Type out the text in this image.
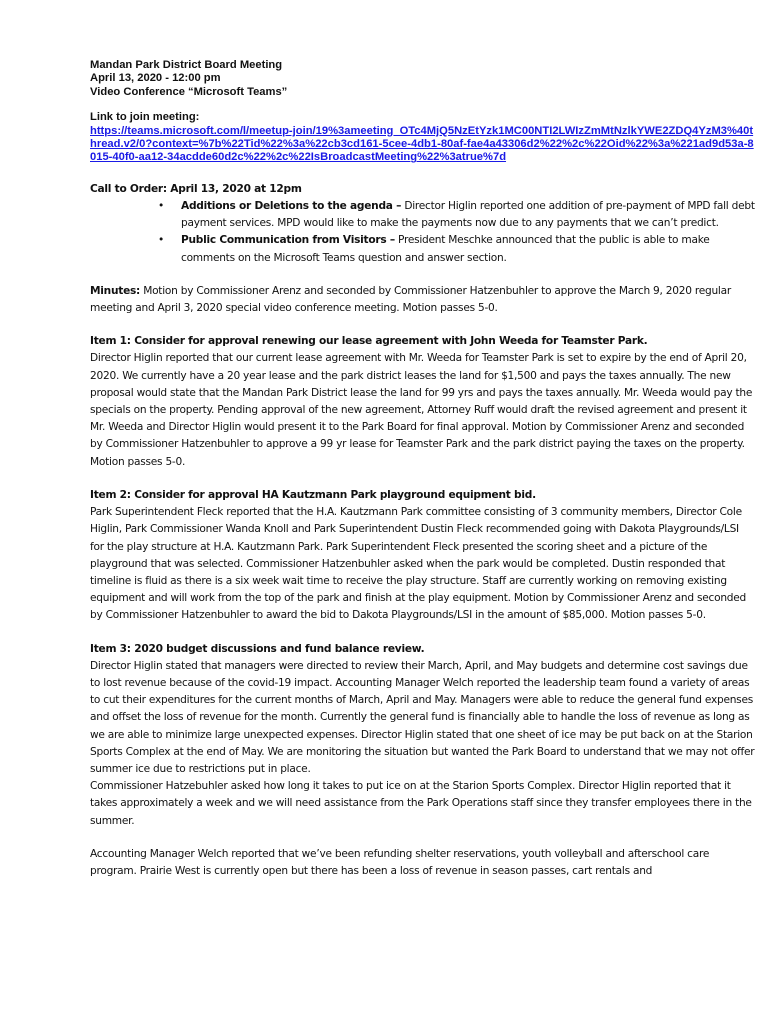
Mandan Park District Board Meeting
April 13, 2020 - 12:00 pm
Video Conference “Microsoft Teams”
Link to join meeting:
https://teams.microsoft.com/l/meetup-join/19%3ameeting_OTc4MjQ5NzEtYzk1MC00NTI2LWIzZmMtNzlkYWE2ZDQ4YzM3%40thread.v2/0?context=%7b%22Tid%22%3a%22cb3cd161-5cee-4db1-80af-fae4a43306d2%22%2c%22Oid%22%3a%221ad9d53a-8015-40f0-aa12-34acdde60d2c%22%2c%22IsBroadcastMeeting%22%3atrue%7d
Call to Order: April 13, 2020 at 12pm
• Additions or Deletions to the agenda – Director Higlin reported one addition of pre-payment of MPD fall debt payment services. MPD would like to make the payments now due to any payments that we can’t predict.
• Public Communication from Visitors – President Meschke announced that the public is able to make comments on the Microsoft Teams question and answer section.

Minutes: Motion by Commissioner Arenz and seconded by Commissioner Hatzenbuhler to approve the March 9, 2020 regular meeting and April 3, 2020 special video conference meeting. Motion passes 5-0.

Item 1: Consider for approval renewing our lease agreement with John Weeda for Teamster Park.

Director Higlin reported that our current lease agreement with Mr. Weeda for Teamster Park is set to expire by the end of April 20, 2020. We currently have a 20 year lease and the park district leases the land for $1,500 and pays the taxes annually. The new proposal would state that the Mandan Park District lease the land for 99 yrs and pays the taxes annually. Mr. Weeda would pay the specials on the property. Pending approval of the new agreement, Attorney Ruff would draft the revised agreement and present it Mr. Weeda and Director Higlin would present it to the Park Board for final approval. Motion by Commissioner Arenz and seconded by Commissioner Hatzenbuhler to approve a 99 yr lease for Teamster Park and the park district paying the taxes on the property. Motion passes 5-0.

Item 2: Consider for approval HA Kautzmann Park playground equipment bid.

Park Superintendent Fleck reported that the H.A. Kautzmann Park committee consisting of 3 community members, Director Cole Higlin, Park Commissioner Wanda Knoll and Park Superintendent Dustin Fleck recommended going with Dakota Playgrounds/LSI for the play structure at H.A. Kautzmann Park. Park Superintendent Fleck presented the scoring sheet and a picture of the playground that was selected. Commissioner Hatzenbuhler asked when the park would be completed. Dustin responded that timeline is fluid as there is a six week wait time to receive the play structure. Staff are currently working on removing existing equipment and will work from the top of the park and finish at the play equipment. Motion by Commissioner Arenz and seconded by Commissioner Hatzenbuhler to award the bid to Dakota Playgrounds/LSI in the amount of $85,000. Motion passes 5-0.

Item 3: 2020 budget discussions and fund balance review.

Director Higlin stated that managers were directed to review their March, April, and May budgets and determine cost savings due to lost revenue because of the covid-19 impact. Accounting Manager Welch reported the leadership team found a variety of areas to cut their expenditures for the current months of March, April and May. Managers were able to reduce the general fund expenses and offset the loss of revenue for the month. Currently the general fund is financially able to handle the loss of revenue as long as we are able to minimize large unexpected expenses. Director Higlin stated that one sheet of ice may be put back on at the Starion Sports Complex at the end of May. We are monitoring the situation but wanted the Park Board to understand that we may not offer summer ice due to restrictions put in place.

Commissioner Hatzebuhler asked how long it takes to put ice on at the Starion Sports Complex. Director Higlin reported that it takes approximately a week and we will need assistance from the Park Operations staff since they transfer employees there in the summer.

Accounting Manager Welch reported that we’ve been refunding shelter reservations, youth volleyball and afterschool care program. Prairie West is currently open but there has been a loss of revenue in season passes, cart rentals and
